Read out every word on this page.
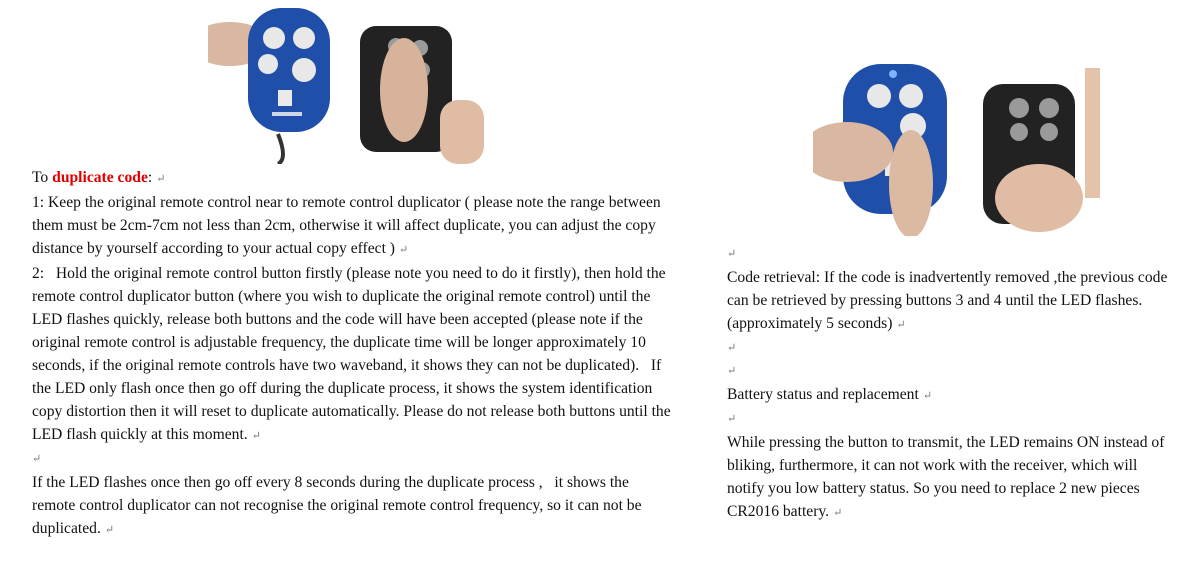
To duplicate code: ↵

1: Keep the original remote control near to remote control duplicator ( please note the range between them must be 2cm-7cm not less than 2cm, otherwise it will affect duplicate, you can adjust the copy distance by yourself according to your actual copy effect ) ↵

2:   Hold the original remote control button firstly (please note you need to do it firstly), then hold the remote control duplicator button (where you wish to duplicate the original remote control) until the LED flashes quickly, release both buttons and the code will have been accepted (please note if the original remote control is adjustable frequency, the duplicate time will be longer approximately 10 seconds, if the original remote controls have two waveband, it shows they can not be duplicated).   If the LED only flash once then go off during the duplicate process, it shows the system identification copy distortion then it will reset to duplicate automatically. Please do not release both buttons until the LED flash quickly at this moment. ↵

↵

If the LED flashes once then go off every 8 seconds during the duplicate process ,   it shows the remote control duplicator can not recognise the original remote control frequency, so it can not be duplicated. ↵

↵

Code retrieval: If the code is inadvertently removed ,the previous code can be retrieved by pressing buttons 3 and 4 until the LED flashes. (approximately 5 seconds) ↵

↵
↵

Battery status and replacement ↵

↵

While pressing the button to transmit, the LED remains ON instead of bliking, furthermore, it can not work with the receiver, which will notify you low battery status. So you need to replace 2 new pieces CR2016 battery. ↵
